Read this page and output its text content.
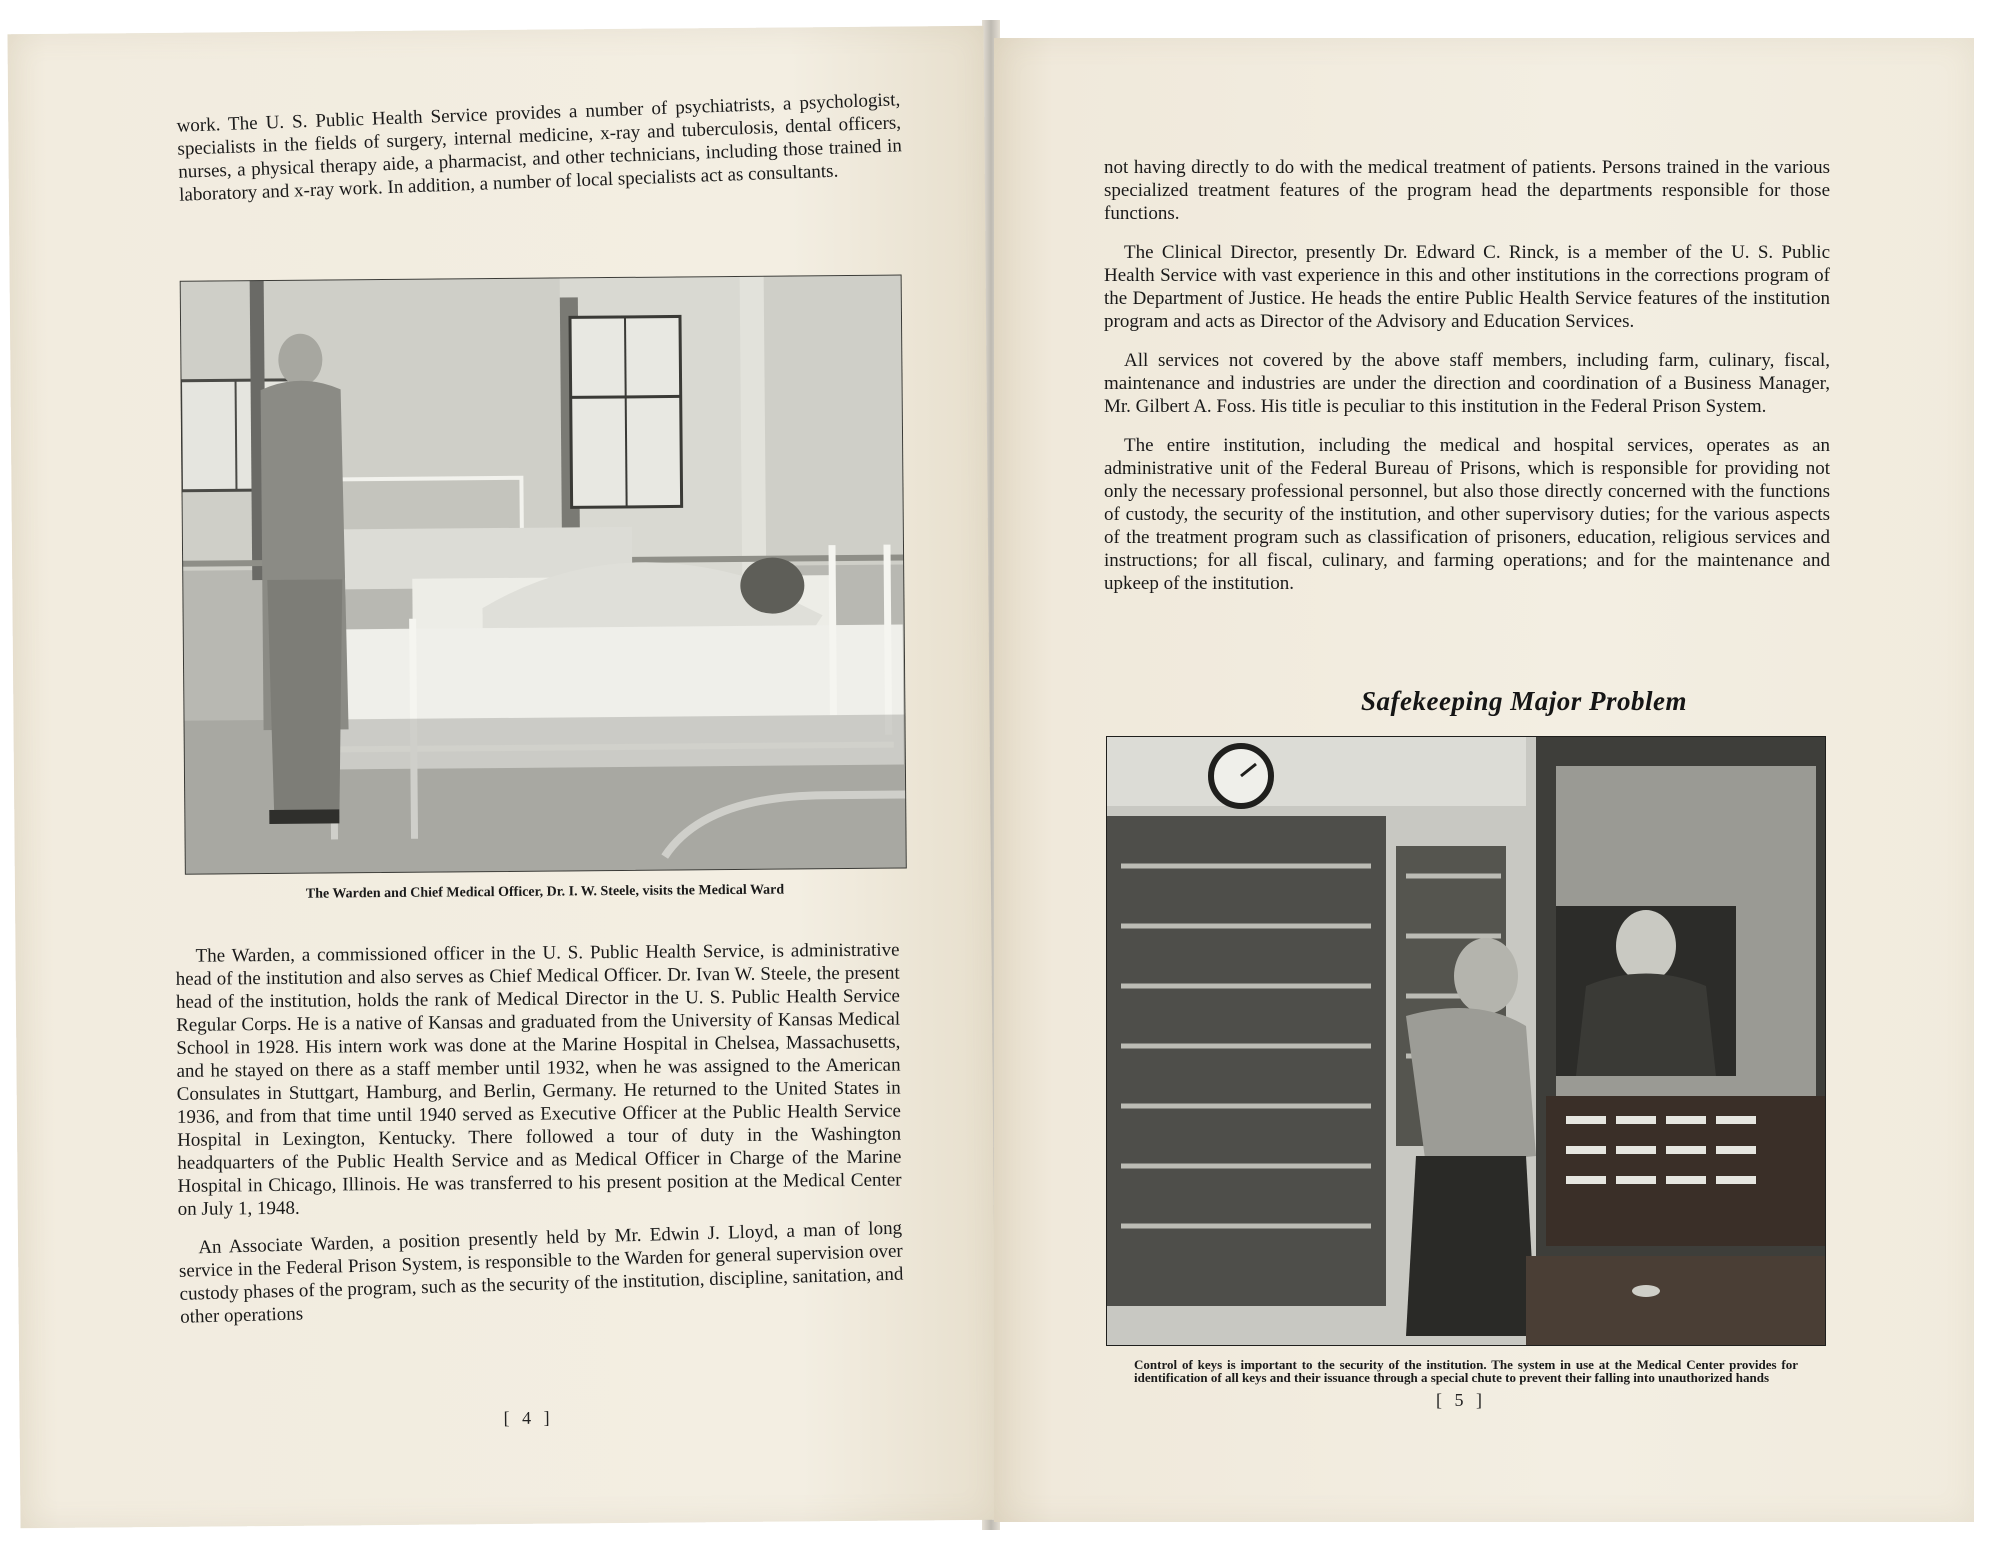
work. The U. S. Public Health Service provides a number of psychiatrists, a psychologist, specialists in the fields of surgery, internal medicine, x-ray and tuberculosis, dental officers, nurses, a physical therapy aide, a pharmacist, and other technicians, including those trained in laboratory and x-ray work. In addition, a number of local specialists act as consultants.

The Warden and Chief Medical Officer, Dr. I. W. Steele, visits the Medical Ward

The Warden, a commissioned officer in the U. S. Public Health Service, is administrative head of the institution and also serves as Chief Medical Officer. Dr. Ivan W. Steele, the present head of the institution, holds the rank of Medical Director in the U. S. Public Health Service Regular Corps. He is a native of Kansas and graduated from the University of Kansas Medical School in 1928. His intern work was done at the Marine Hospital in Chelsea, Massachusetts, and he stayed on there as a staff member until 1932, when he was assigned to the American Consulates in Stuttgart, Hamburg, and Berlin, Germany. He returned to the United States in 1936, and from that time until 1940 served as Executive Officer at the Public Health Service Hospital in Lexington, Kentucky. There followed a tour of duty in the Washington headquarters of the Public Health Service and as Medical Officer in Charge of the Marine Hospital in Chicago, Illinois. He was transferred to his present position at the Medical Center on July 1, 1948.

An Associate Warden, a position presently held by Mr. Edwin J. Lloyd, a man of long service in the Federal Prison System, is responsible to the Warden for general supervision over custody phases of the program, such as the security of the institution, discipline, sanitation, and other operations

[ 4 ]

not having directly to do with the medical treatment of patients. Persons trained in the various specialized treatment features of the program head the departments responsible for those functions.

The Clinical Director, presently Dr. Edward C. Rinck, is a member of the U. S. Public Health Service with vast experience in this and other institutions in the corrections program of the Department of Justice. He heads the entire Public Health Service features of the institution program and acts as Director of the Advisory and Education Services.

All services not covered by the above staff members, including farm, culinary, fiscal, maintenance and industries are under the direction and coordination of a Business Manager, Mr. Gilbert A. Foss. His title is peculiar to this institution in the Federal Prison System.

The entire institution, including the medical and hospital services, operates as an administrative unit of the Federal Bureau of Prisons, which is responsible for providing not only the necessary professional personnel, but also those directly concerned with the functions of custody, the security of the institution, and other supervisory duties; for the various aspects of the treatment program such as classification of prisoners, education, religious services and instructions; for all fiscal, culinary, and farming operations; and for the maintenance and upkeep of the institution.

Safekeeping Major Problem
Control of keys is important to the security of the institution. The system in use at the Medical Center provides for identification of all keys and their issuance through a special chute to prevent their falling into unauthorized hands
[ 5 ]
